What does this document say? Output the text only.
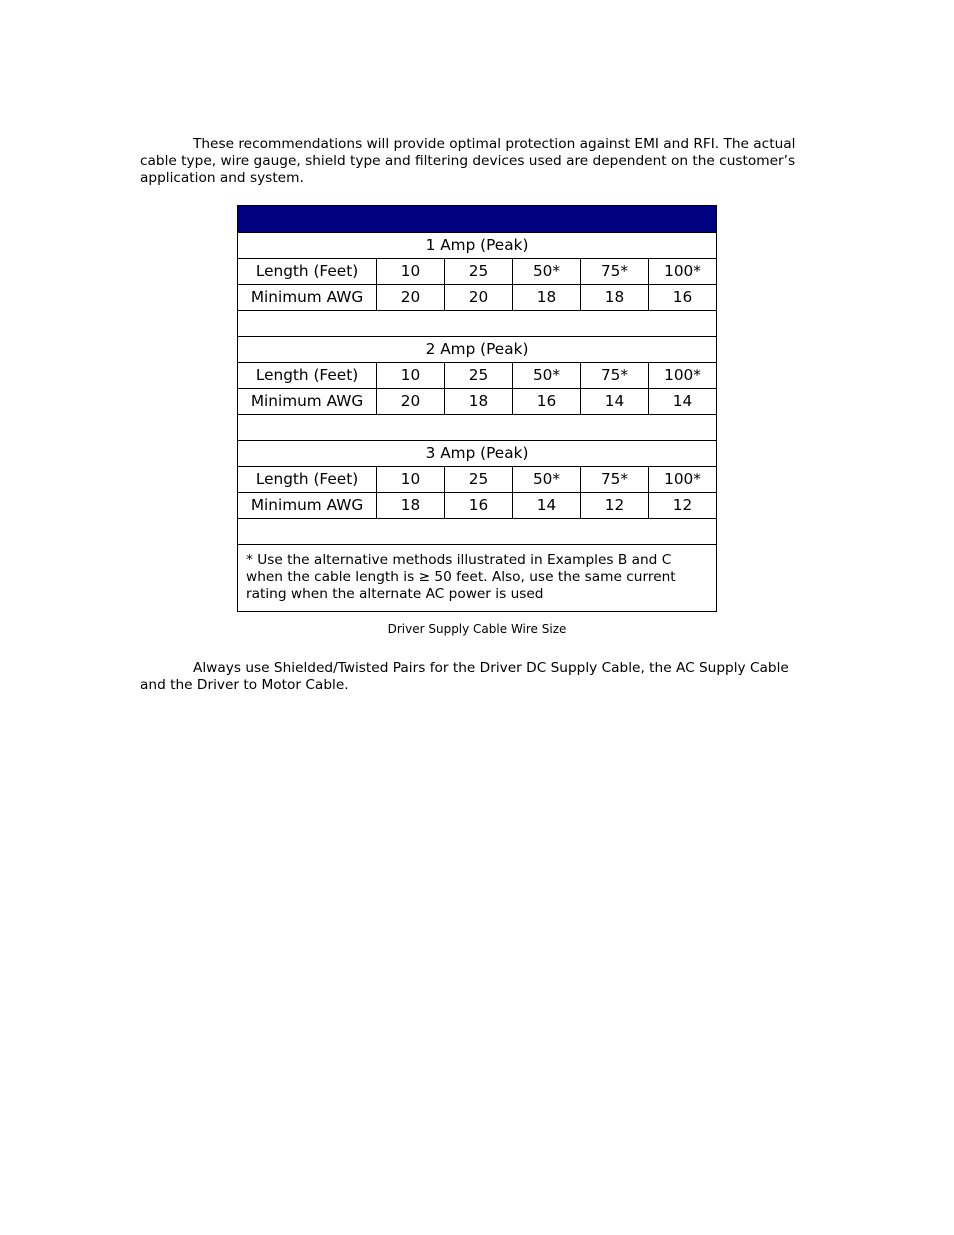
These recommendations will provide optimal protection against EMI and RFI. The actual cable type, wire gauge, shield type and filtering devices used are dependent on the customer’s application and system.

1 Amp (Peak)					
Length (Feet)	10	25	50*	75*	100*
Minimum AWG	20	20	18	18	16

2 Amp (Peak)					
Length (Feet)	10	25	50*	75*	100*
Minimum AWG	20	18	16	14	14

3 Amp (Peak)					
Length (Feet)	10	25	50*	75*	100*
Minimum AWG	18	16	14	12	12

* Use the alternative methods illustrated in Examples B and C when the cable length is ≥ 50 feet. Also, use the same current rating when the alternate AC power is used					
Driver Supply Cable Wire Size

Always use Shielded/Twisted Pairs for the Driver DC Supply Cable, the AC Supply Cable and the Driver to Motor Cable.
